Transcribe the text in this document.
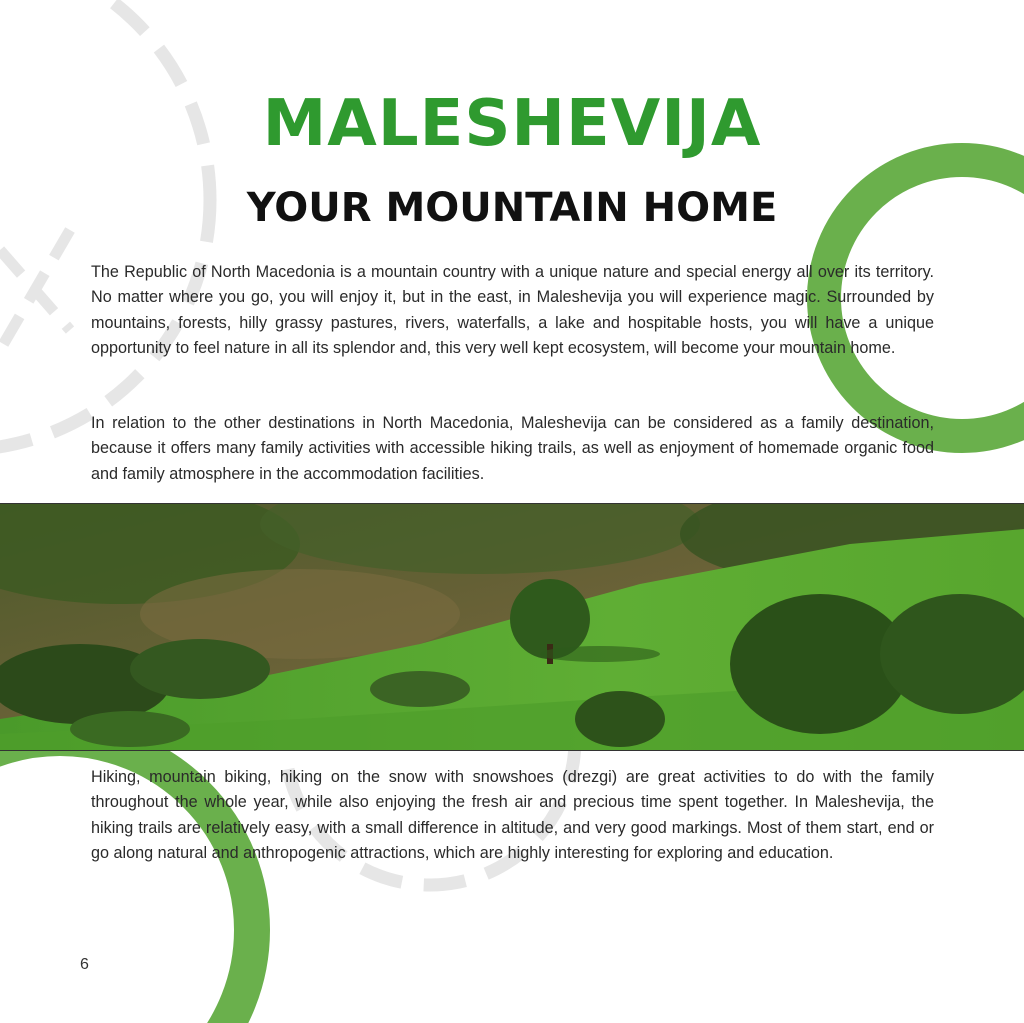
MALESHEVIJA
YOUR MOUNTAIN HOME

The Republic of North Macedonia is a mountain country with a unique nature and special energy all over its territory. No matter where you go, you will enjoy it, but in the east, in Maleshevija you will experience magic. Surrounded by mountains, forests, hilly grassy pastures, rivers, waterfalls, a lake and hospitable hosts, you will have a unique opportunity to feel nature in all its splendor and, this very well kept ecosystem, will become your mountain home.

In relation to the other destinations in North Macedonia, Maleshevija can be considered as a family destination, because it offers many family activities with accessible hiking trails, as well as enjoyment of homemade organic food and family atmosphere in the accommodation facilities.

Hiking, mountain biking, hiking on the snow with snowshoes (drezgi) are great activities to do with the family throughout the whole year, while also enjoying the fresh air and precious time spent together. In Maleshevija, the hiking trails are relatively easy, with a small difference in altitude, and very good markings. Most of them start, end or go along natural and anthropogenic attractions, which are highly interesting for exploring and education.

6
